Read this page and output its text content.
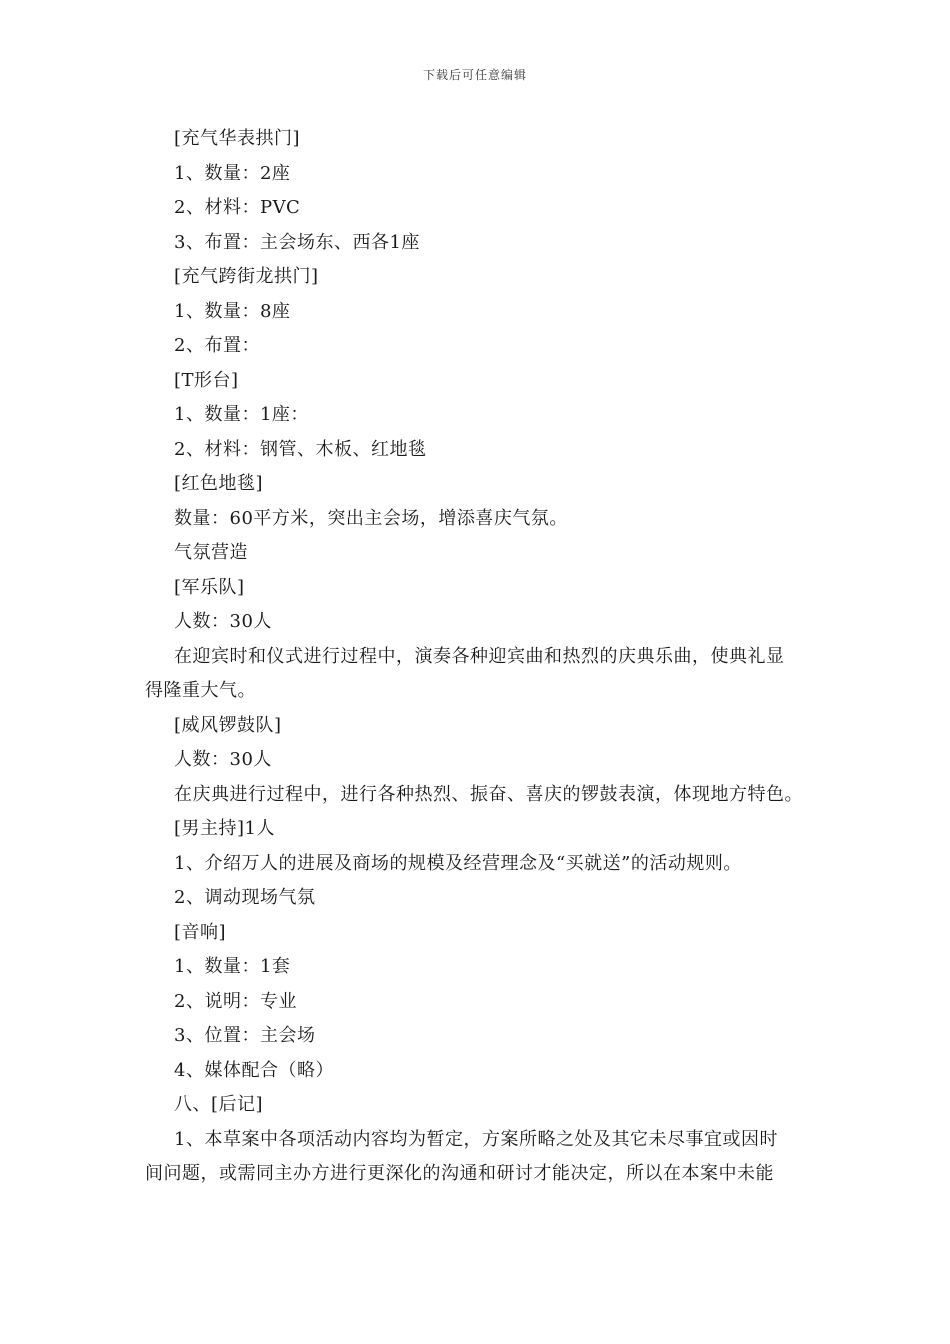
下载后可任意编辑
[充气华表拱门]
1、数量：2座
2、材料：PVC
3、布置：主会场东、西各1座
[充气跨街龙拱门]
1、数量：8座
2、布置：
[T形台]
1、数量：1座：
2、材料：钢管、木板、红地毯
[红色地毯]
数量：60平方米，突出主会场，增添喜庆气氛。
气氛营造
[军乐队]
人数：30人
在迎宾时和仪式进行过程中，演奏各种迎宾曲和热烈的庆典乐曲，使典礼显
得隆重大气。
[威风锣鼓队]
人数：30人
在庆典进行过程中，进行各种热烈、振奋、喜庆的锣鼓表演，体现地方特色。
[男主持]1人
1、介绍万人的进展及商场的规模及经营理念及“买就送”的活动规则。
2、调动现场气氛
[音响]
1、数量：1套
2、说明：专业
3、位置：主会场
4、媒体配合（略）
八、[后记]
1、本草案中各项活动内容均为暂定，方案所略之处及其它未尽事宜或因时
间问题，或需同主办方进行更深化的沟通和研讨才能决定，所以在本案中未能
